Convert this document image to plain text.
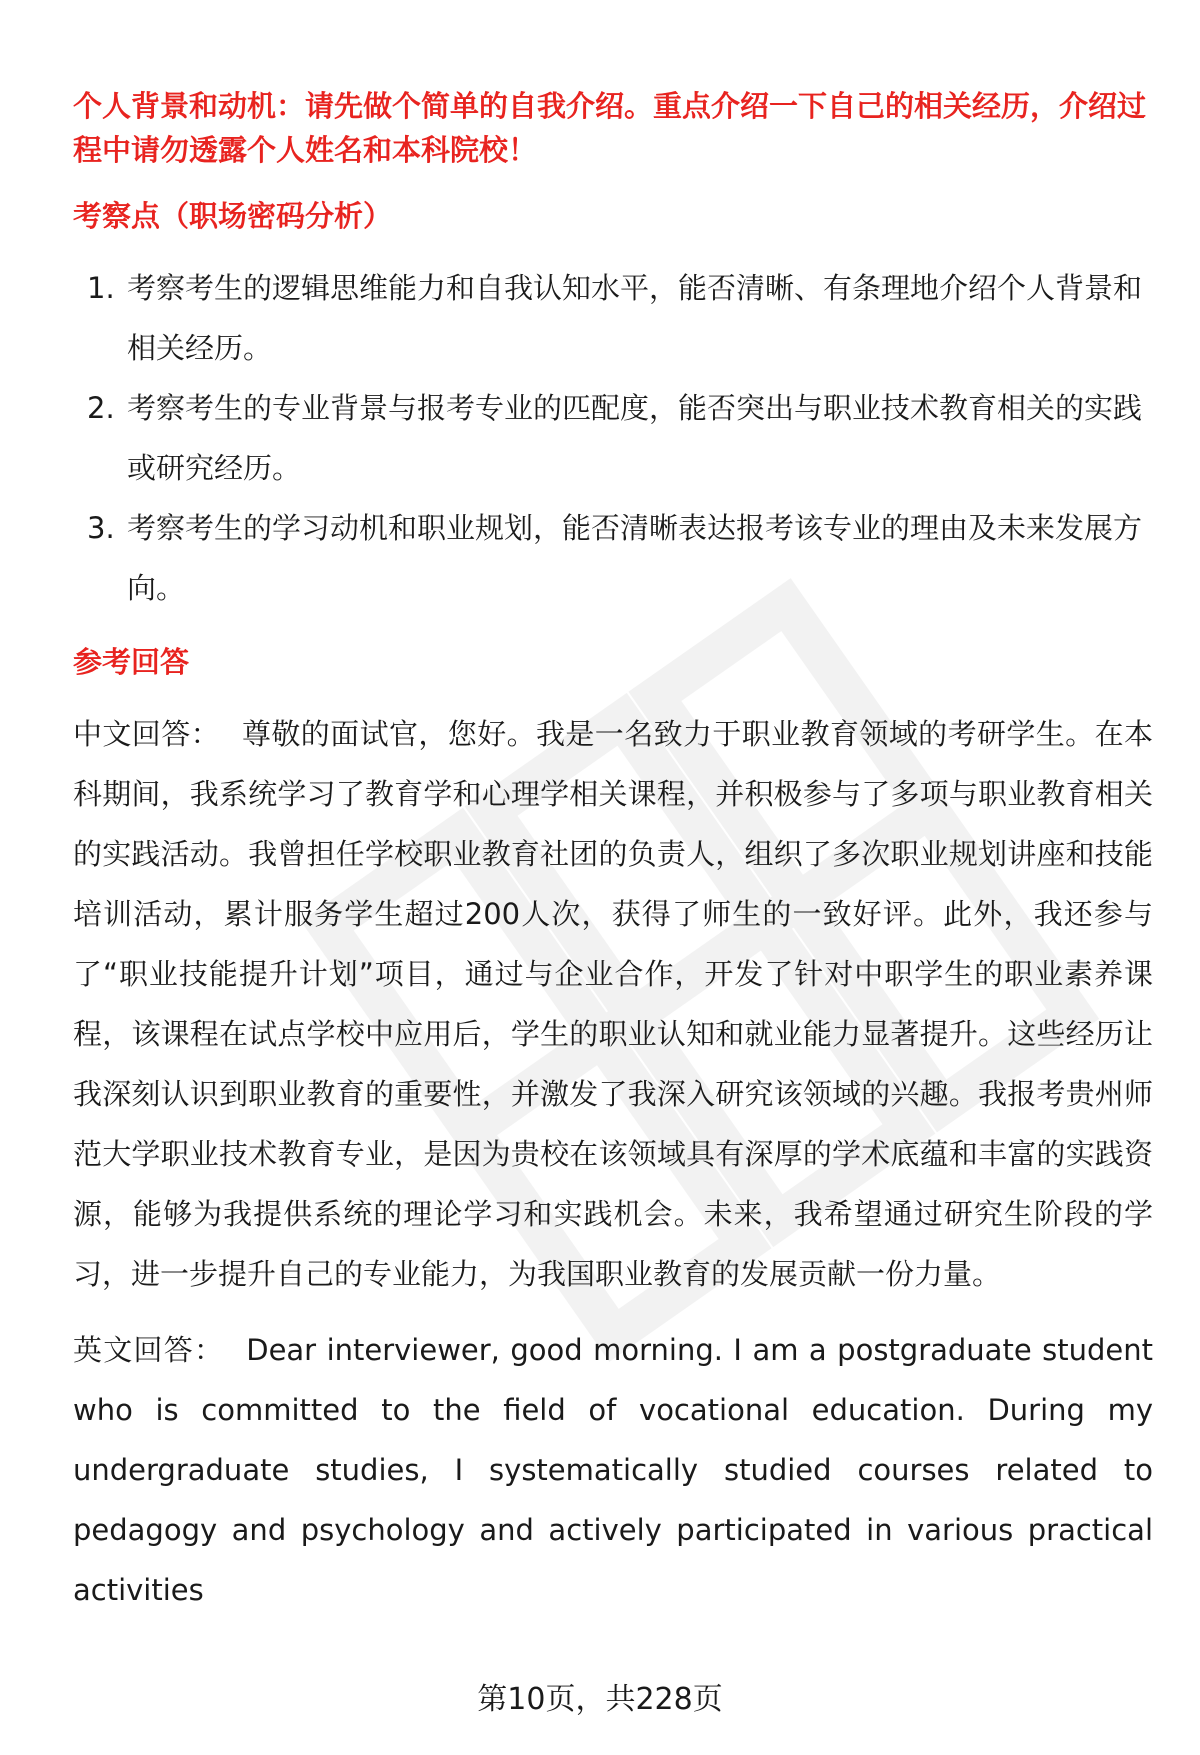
个人背景和动机：请先做个简单的自我介绍。重点介绍一下自己的相关经历，介绍过程中请勿透露个人姓名和本科院校！

考察点（职场密码分析）

1. 考察考生的逻辑思维能力和自我认知水平，能否清晰、有条理地介绍个人背景和相关经历。
2. 考察考生的专业背景与报考专业的匹配度，能否突出与职业技术教育相关的实践或研究经历。
3. 考察考生的学习动机和职业规划，能否清晰表达报考该专业的理由及未来发展方向。

参考回答

中文回答： 尊敬的面试官，您好。我是一名致力于职业教育领域的考研学生。在本科期间，我系统学习了教育学和心理学相关课程，并积极参与了多项与职业教育相关的实践活动。我曾担任学校职业教育社团的负责人，组织了多次职业规划讲座和技能培训活动，累计服务学生超过200人次，获得了师生的一致好评。此外，我还参与了“职业技能提升计划”项目，通过与企业合作，开发了针对中职学生的职业素养课程，该课程在试点学校中应用后，学生的职业认知和就业能力显著提升。这些经历让我深刻认识到职业教育的重要性，并激发了我深入研究该领域的兴趣。我报考贵州师范大学职业技术教育专业，是因为贵校在该领域具有深厚的学术底蕴和丰富的实践资源，能够为我提供系统的理论学习和实践机会。未来，我希望通过研究生阶段的学习，进一步提升自己的专业能力，为我国职业教育的发展贡献一份力量。

英文回答： Dear interviewer, good morning. I am a postgraduate student who is committed to the field of vocational education. During my undergraduate studies, I systematically studied courses related to pedagogy and psychology and actively participated in various practical activities

第10页，共228页
